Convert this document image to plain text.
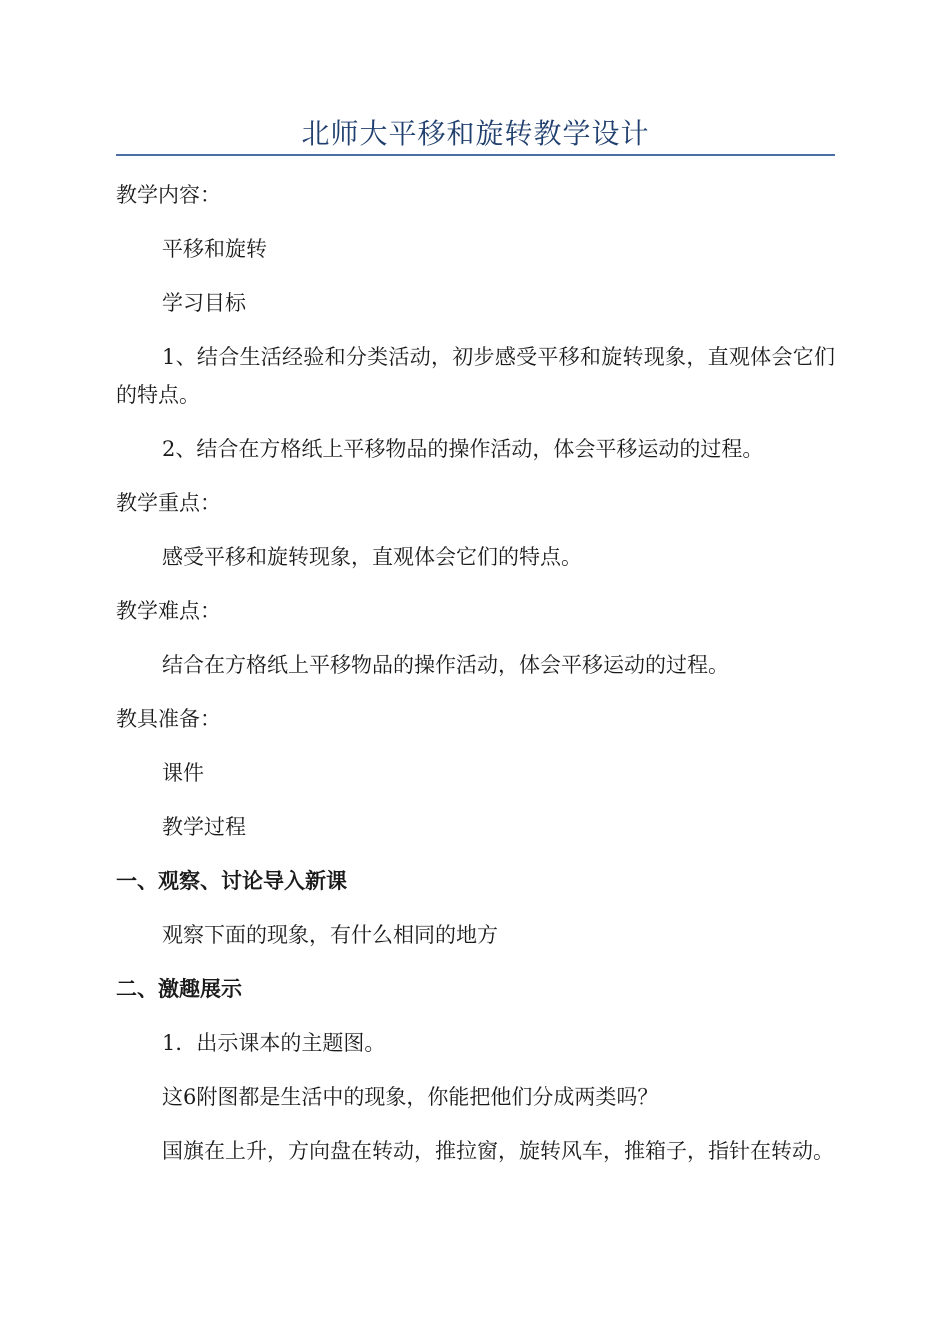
北师大平移和旋转教学设计
教学内容：
平移和旋转
学习目标
1、结合生活经验和分类活动，初步感受平移和旋转现象，直观体会它们的特点。
2、结合在方格纸上平移物品的操作活动，体会平移运动的过程。
教学重点：
感受平移和旋转现象，直观体会它们的特点。
教学难点：
结合在方格纸上平移物品的操作活动，体会平移运动的过程。
教具准备：
课件
教学过程
一、观察、讨论导入新课
观察下面的现象，有什么相同的地方
二、激趣展示
1．出示课本的主题图。
这6附图都是生活中的现象，你能把他们分成两类吗？
国旗在上升，方向盘在转动，推拉窗，旋转风车，推箱子，指针在转动。
